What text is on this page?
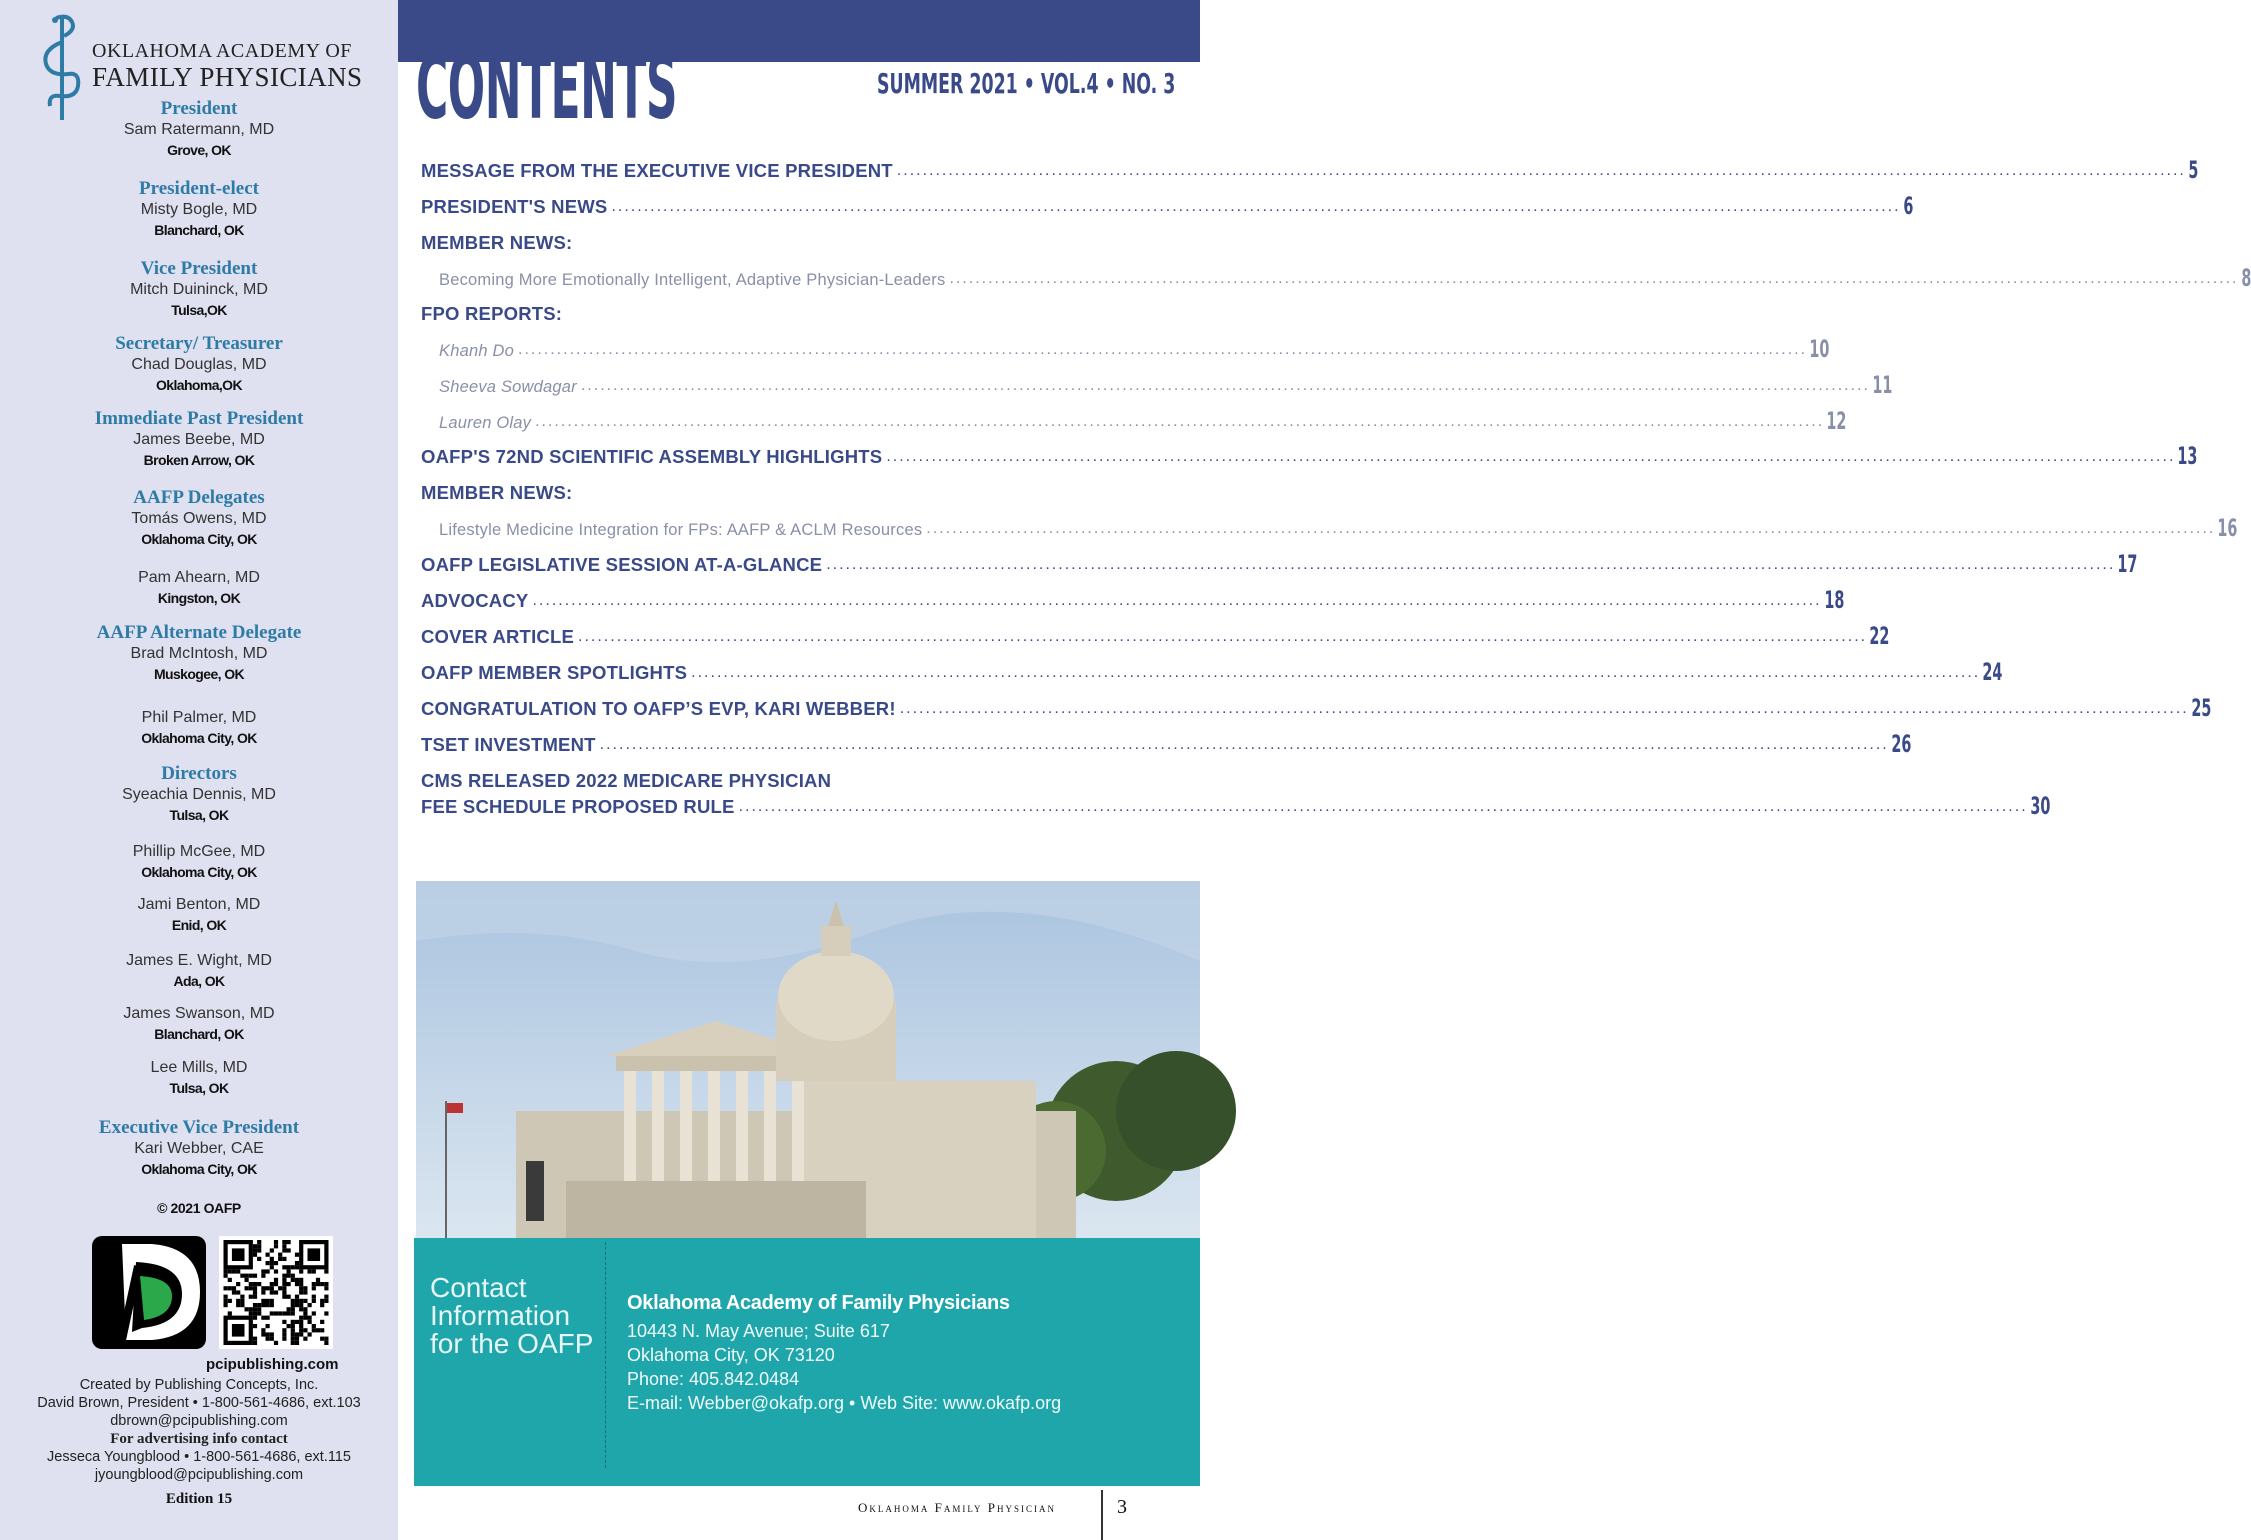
OKLAHOMA ACADEMY OF
FAMILY PHYSICIANS
President
Sam Ratermann, MD
Grove, OK
President-elect
Misty Bogle, MD
Blanchard, OK
Vice President
Mitch Duininck, MD
Tulsa,OK
Secretary/ Treasurer
Chad Douglas, MD
Oklahoma,OK
Immediate Past President
James Beebe, MD
Broken Arrow, OK
AAFP Delegates
Tomás Owens, MD
Oklahoma City, OK
Pam Ahearn, MD
Kingston, OK
AAFP Alternate Delegate
Brad McIntosh, MD
Muskogee, OK
Phil Palmer, MD
Oklahoma City, OK
Directors
Syeachia Dennis, MD
Tulsa, OK
Phillip McGee, MD
Oklahoma City, OK
Jami Benton, MD
Enid, OK
James E. Wight, MD
Ada, OK
James Swanson, MD
Blanchard, OK
Lee Mills, MD
Tulsa, OK
Executive Vice President
Kari Webber, CAE
Oklahoma City, OK
© 2021 OAFP
pcipublishing.com
Created by Publishing Concepts, Inc.
David Brown, President • 1-800-561-4686, ext.103
dbrown@pcipublishing.com
For advertising info contact
Jesseca Youngblood • 1-800-561-4686, ext.115
jyoungblood@pcipublishing.com
Edition 15
CONTENTS	SUMMER 2021 • VOL.4 • NO. 3
MESSAGE FROM THE EXECUTIVE VICE PRESIDENT ........................................................................................................................................................................................................ 5
PRESIDENT'S NEWS ........................................................................................................................................................................................................ 6
MEMBER NEWS:
Becoming More Emotionally Intelligent, Adaptive Physician-Leaders ........................................................................................................................................................................................................ 8
FPO REPORTS:
Khanh Do ........................................................................................................................................................................................................ 10
Sheeva Sowdagar ........................................................................................................................................................................................................ 11
Lauren Olay ........................................................................................................................................................................................................ 12
OAFP'S 72ND SCIENTIFIC ASSEMBLY HIGHLIGHTS ........................................................................................................................................................................................................ 13
MEMBER NEWS:
Lifestyle Medicine Integration for FPs: AAFP & ACLM Resources ........................................................................................................................................................................................................ 16
OAFP LEGISLATIVE SESSION AT-A-GLANCE ........................................................................................................................................................................................................ 17
ADVOCACY ........................................................................................................................................................................................................ 18
COVER ARTICLE ........................................................................................................................................................................................................ 22
OAFP MEMBER SPOTLIGHTS ........................................................................................................................................................................................................ 24
CONGRATULATION TO OAFP’S EVP, KARI WEBBER! ........................................................................................................................................................................................................ 25
TSET INVESTMENT ........................................................................................................................................................................................................ 26
CMS RELEASED 2022 MEDICARE PHYSICIAN
FEE SCHEDULE PROPOSED RULE ........................................................................................................................................................................................................ 30
Contact Information for the OAFP
Oklahoma Academy of Family Physicians
10443 N. May Avenue; Suite 617
Oklahoma City, OK 73120
Phone: 405.842.0484
E-mail: Webber@okafp.org • Web Site: www.okafp.org
Oklahoma Family Physician	3
